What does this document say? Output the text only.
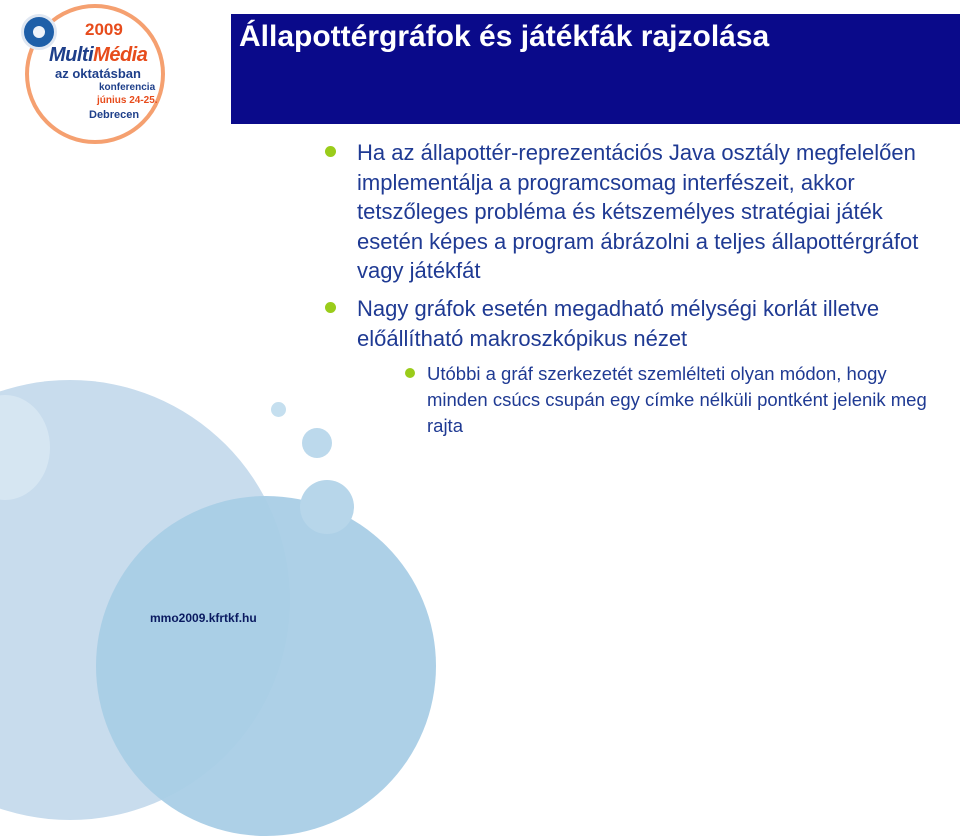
2009
MultiMédia
az oktatásban
konferencia
június 24-25.
Debrecen
Állapottérgráfok és játékfák rajzolása
Ha az állapottér-reprezentációs Java osztály megfelelően implementálja a programcsomag interfészeit, akkor tetszőleges probléma és kétszemélyes stratégiai játék esetén képes a program ábrázolni a teljes állapottérgráfot vagy játékfát
Nagy gráfok esetén megadható mélységi korlát illetve előállítható makroszkópikus nézet
Utóbbi a gráf szerkezetét szemlélteti olyan módon, hogy minden csúcs csupán egy címke nélküli pontként jelenik meg rajta
mmo2009.kfrtkf.hu
